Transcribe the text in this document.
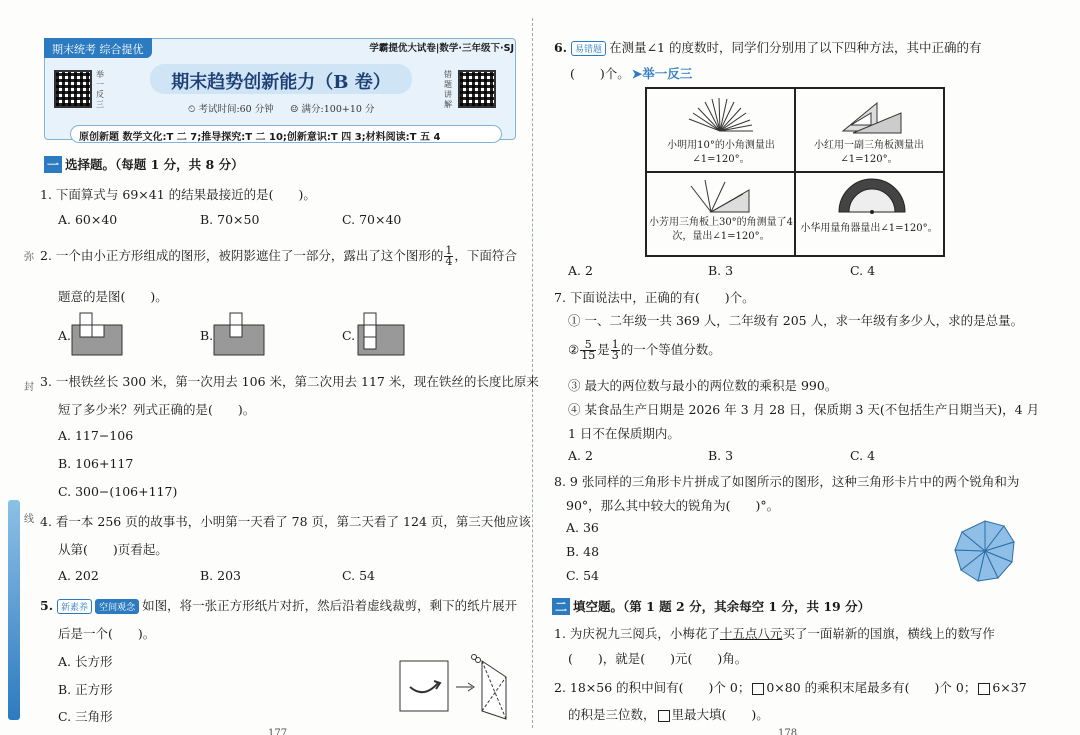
弥
封
线
期末统考 综合提优	学霸提优大试卷|数学·三年级下·SJ
举一反三
错题讲解
期末趋势创新能力（B 卷）
⏲ 考试时间:60 分钟 ☺ 满分:100+10 分
原创新题 数学文化:T 二 7;推导探究:T 二 10;创新意识:T 四 3;材料阅读:T 五 4
一 选择题。（每题 1 分，共 8 分）
1. 下面算式与 69×41 的结果最接近的是(　　)。
A. 60×40	B. 70×50	C. 70×40
2. 一个由小正方形组成的图形，被阴影遮住了一部分，露出了这个图形的 $\frac{1}{4}$ ，下面符合
题意的是图(　　)。
A.	B.	C.
3. 一根铁丝长 300 米，第一次用去 106 米，第二次用去 117 米，现在铁丝的长度比原来
短了多少米？列式正确的是(　　)。
A. 117−106
B. 106+117
C. 300−(106+117)
4. 看一本 256 页的故事书，小明第一天看了 78 页，第二天看了 124 页，第三天他应该
从第(　　)页看起。
A. 202	B. 203	C. 54
5. 新素养 空间观念 如图，将一张正方形纸片对折，然后沿着虚线裁剪，剩下的纸片展开
后是一个(　　)。
A. 长方形
B. 正方形
C. 三角形
177
6. 易错题 在测量∠1 的度数时，同学们分别用了以下四种方法，其中正确的有
(　　)个。 ➤举一反三
小明用10°的小角测量出∠1=120°。
小红用一副三角板测量出∠1=120°。
小芳用三角板上30°的角测量了4次，量出∠1=120°。
小华用量角器量出∠1=120°。
A. 2	B. 3	C. 4
7. 下面说法中，正确的有(　　)个。
① 一、二年级一共 369 人，二年级有 205 人，求一年级有多少人，求的是总量。
② $\frac{5}{15}$ 是 $\frac{1}{3}$ 的一个等值分数。
③ 最大的两位数与最小的两位数的乘积是 990。
④ 某食品生产日期是 2026 年 3 月 28 日，保质期 3 天(不包括生产日期当天)，4 月
1 日不在保质期内。
A. 2	B. 3	C. 4
8. 9 张同样的三角形卡片拼成了如图所示的图形，这种三角形卡片中的两个锐角和为
90°，那么其中较大的锐角为(　　)°。
A. 36
B. 48
C. 54
二 填空题。（第 1 题 2 分，其余每空 1 分，共 19 分）
1. 为庆祝九三阅兵，小梅花了十五点八元买了一面崭新的国旗，横线上的数写作
(　　)，就是(　　)元(　　)角。
2. 18×56 的积中间有(　　)个 0； 0×80 的乘积末尾最多有(　　)个 0； 6×37
的积是三位数， 里最大填(　　)。
178
